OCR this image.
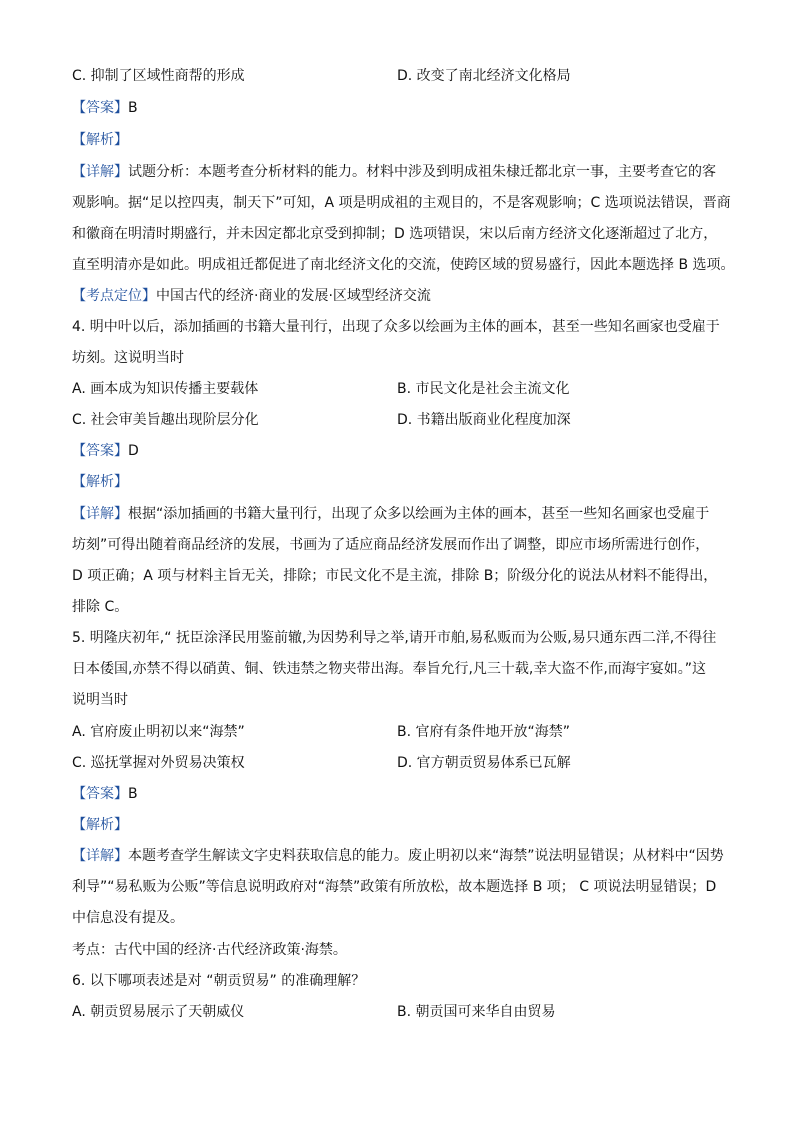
C. 抑制了区域性商帮的形成	D. 改变了南北经济文化格局
【答案】B
【解析】
【详解】试题分析：本题考查分析材料的能力。材料中涉及到明成祖朱棣迁都北京一事，主要考查它的客
观影响。据“足以控四夷，制天下”可知，A 项是明成祖的主观目的，不是客观影响；C 选项说法错误，晋商
和徽商在明清时期盛行，并未因定都北京受到抑制；D 选项错误，宋以后南方经济文化逐渐超过了北方，
直至明清亦是如此。明成祖迁都促进了南北经济文化的交流，使跨区域的贸易盛行，因此本题选择 B 选项。
【考点定位】中国古代的经济·商业的发展·区域型经济交流
4. 明中叶以后，添加插画的书籍大量刊行，出现了众多以绘画为主体的画本，甚至一些知名画家也受雇于
坊刻。这说明当时
A. 画本成为知识传播主要载体	B. 市民文化是社会主流文化
C. 社会审美旨趣出现阶层分化	D. 书籍出版商业化程度加深
【答案】D
【解析】
【详解】根据“添加插画的书籍大量刊行，出现了众多以绘画为主体的画本，甚至一些知名画家也受雇于
坊刻”可得出随着商品经济的发展，书画为了适应商品经济发展而作出了调整，即应市场所需进行创作，
D 项正确；A 项与材料主旨无关，排除；市民文化不是主流，排除 B；阶级分化的说法从材料不能得出，
排除 C。
5. 明隆庆初年,“ 抚臣涂泽民用鉴前辙,为因势利导之举,请开市舶,易私贩而为公贩,易只通东西二洋,不得往
日本倭国,亦禁不得以硝黄、铜、铁违禁之物夹带出海。奉旨允行,凡三十载,幸大盗不作,而海宇宴如。”这
说明当时
A. 官府废止明初以来“海禁”	B. 官府有条件地开放“海禁”
C. 巡抚掌握对外贸易决策权	D. 官方朝贡贸易体系已瓦解
【答案】B
【解析】
【详解】本题考查学生解读文字史料获取信息的能力。废止明初以来“海禁”说法明显错误；从材料中“因势
利导”“易私贩为公贩”等信息说明政府对“海禁”政策有所放松，故本题选择 B 项； C 项说法明显错误；D
中信息没有提及。
考点：古代中国的经济·古代经济政策·海禁。
6. 以下哪项表述是对 “朝贡贸易” 的准确理解？
A. 朝贡贸易展示了天朝威仪	B. 朝贡国可来华自由贸易
